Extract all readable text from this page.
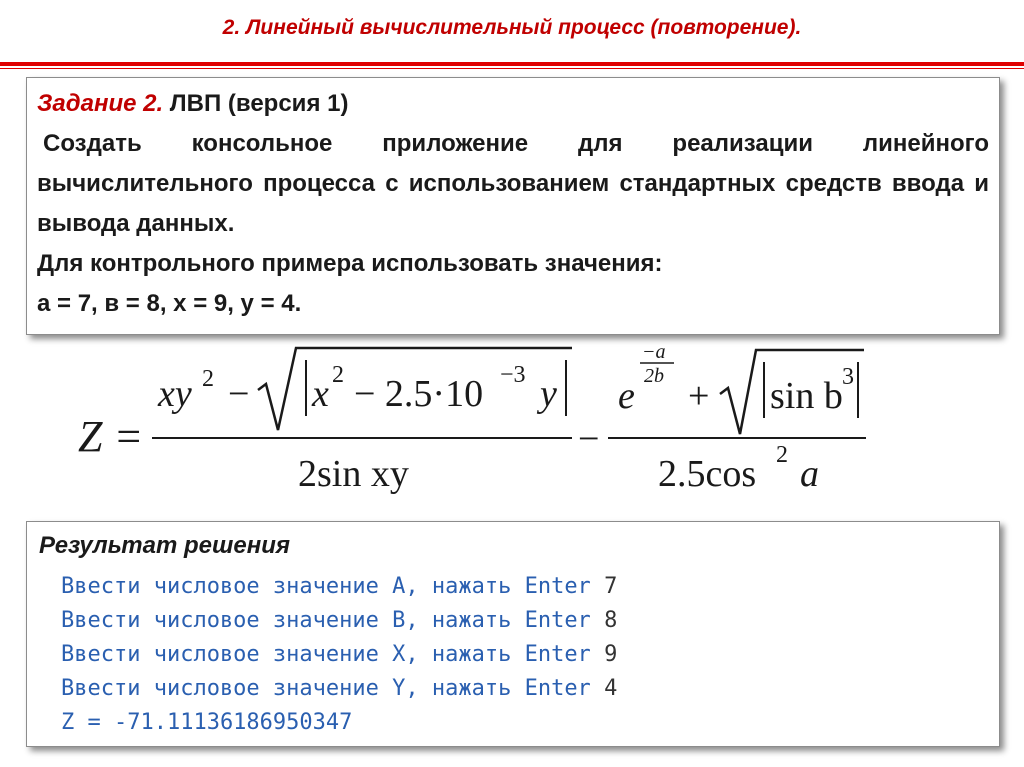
2. Линейный вычислительный процесс (повторение).

Задание 2. ЛВП (версия 1)

Создать консольное приложение для реализации линейного вычислительного процесса с использованием стандартных средств ввода и вывода данных.

Для контрольного примера использовать значения:

а = 7, в = 8, х = 9, у = 4.

Z =
xy 2 − x 2 − 2.5·10 −3 y
2sin xy
−
e
−a
2b + sin b 3
2.5cos 2 a
Результат решения
Ввести числовое значение A, нажать Enter 7
Ввести числовое значение B, нажать Enter 8
Ввести числовое значение X, нажать Enter 9
Ввести числовое значение Y, нажать Enter 4
Z = -71.11136186950347
